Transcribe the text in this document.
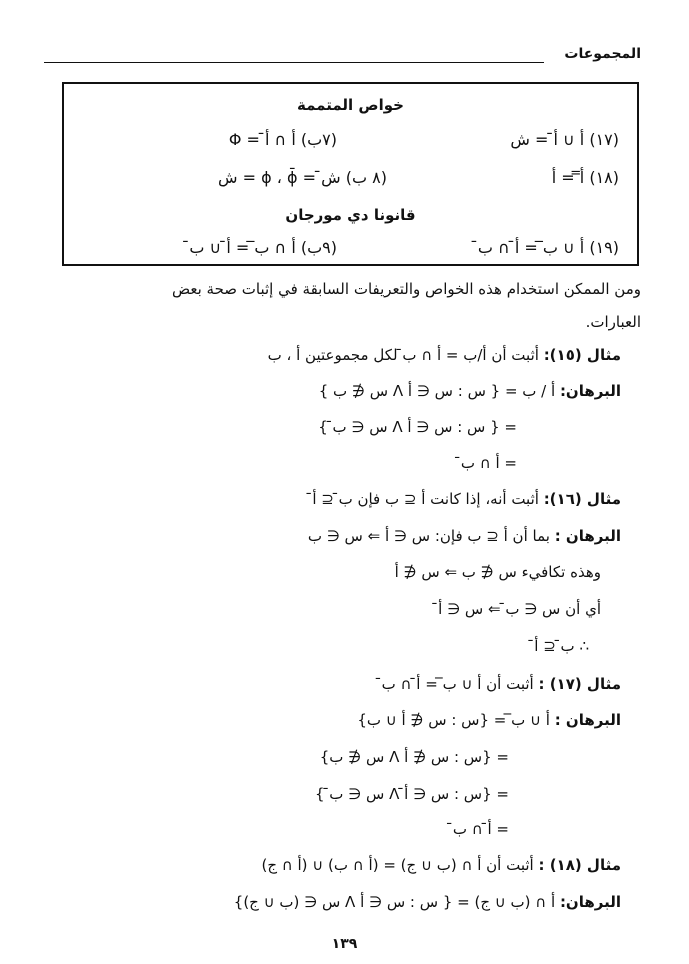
المجموعات
خواص المتممة
(١٧) أ ∪ أ̄ = ش
(٧ب) أ ∩ أ̄ = Φ
(١٨) أ̿ = أ
(٨ ب) ش̄ = ϕ ، ϕ̄ = ش
قانونا دي مورجان
(١٩) أ ∪ ب̅ = أ̄ ∩ ب̄
(٩ب) أ ∩ ب̅ = أ̄ ∪ ب̄
ومن الممكن استخدام هذه الخواص والتعريفات السابقة في إثبات صحة بعض
العبارات.
مثال (١٥): أثبت أن أ/ب = أ ∩ ب̄ لكل مجموعتين أ ، ب
البرهان: أ / ب = { س : س ∈ أ Λ س ∉ ب }
= { س : س ∈ أ Λ س ∈ ب̄ }
= أ ∩ ب̄
مثال (١٦): أثبت أنه، إذا كانت أ ⊆ ب فإن ب̄ ⊆ أ̄
البرهان : بما أن أ ⊆ ب فإن: س ∈ أ ⇐ س ∈ ب
وهذه تكافيء س ∉ ب ⇐ س ∉ أ
أي أن س ∈ ب̄ ⇐ س ∈ أ̄
∴ ب̄ ⊆ أ̄
مثال (١٧) : أثبت أن أ ∪ ب̅ = أ̄ ∩ ب̄
البرهان : أ ∪ ب̅ = {س : س ∉ أ ∪ ب}
= {س : س ∉ أ Λ س ∉ ب}
= {س : س ∈ أ̄ Λ س ∈ ب̄ }
= أ̄ ∩ ب̄
مثال (١٨) : أثبت أن أ ∩ (ب ∪ ج) = (أ ∩ ب) ∪ (أ ∩ ج)
البرهان: أ ∩ (ب ∪ ج) = { س : س ∈ أ Λ س ∈ (ب ∪ ج)}
١٣٩
